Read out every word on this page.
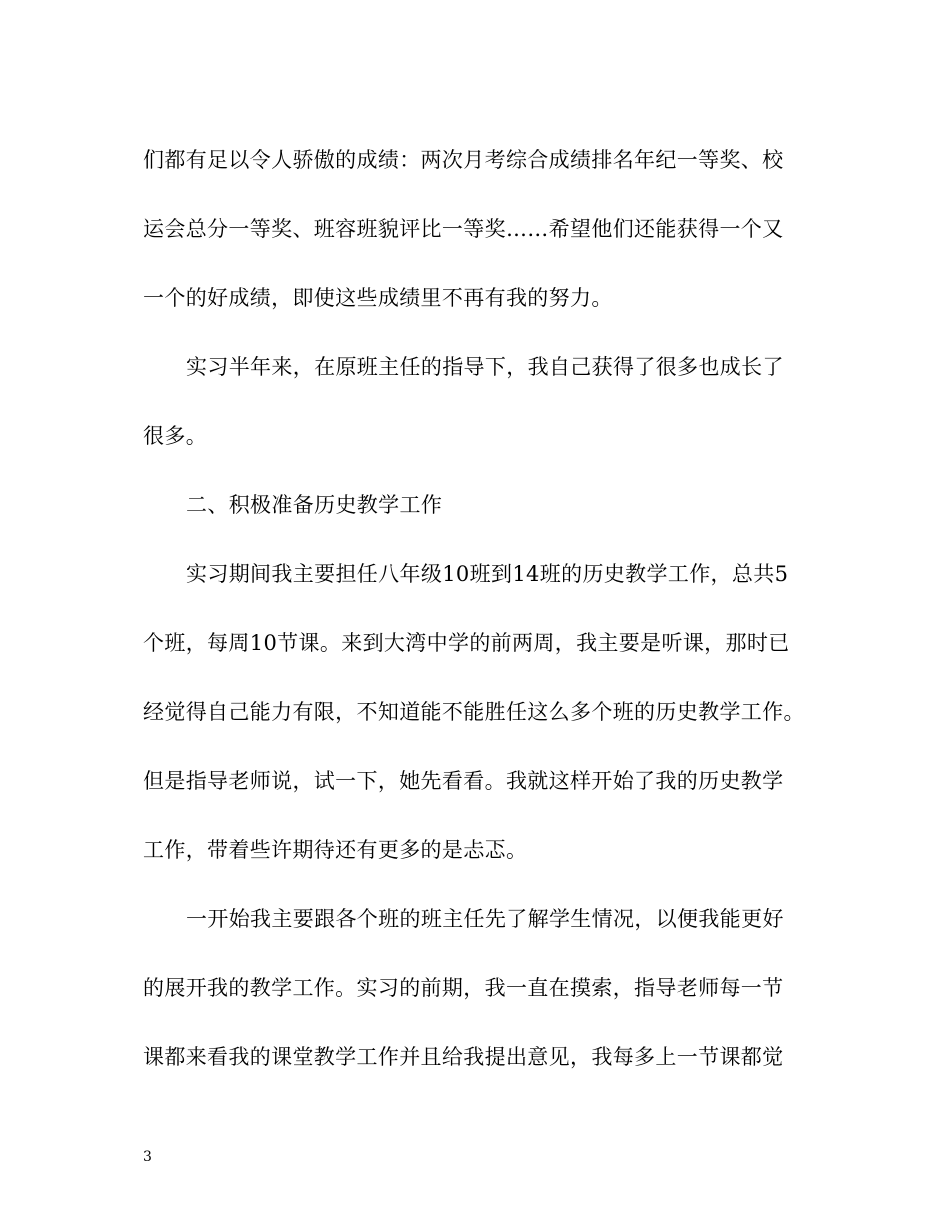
们都有足以令人骄傲的成绩：两次月考综合成绩排名年纪一等奖、校
运会总分一等奖、班容班貌评比一等奖……希望他们还能获得一个又
一个的好成绩，即使这些成绩里不再有我的努力。
实习半年来，在原班主任的指导下，我自己获得了很多也成长了
很多。
二、积极准备历史教学工作
实习期间我主要担任八年级10班到14班的历史教学工作，总共5
个班，每周10节课。来到大湾中学的前两周，我主要是听课，那时已
经觉得自己能力有限，不知道能不能胜任这么多个班的历史教学工作。
但是指导老师说，试一下，她先看看。我就这样开始了我的历史教学
工作，带着些许期待还有更多的是忐忑。
一开始我主要跟各个班的班主任先了解学生情况，以便我能更好
的展开我的教学工作。实习的前期，我一直在摸索，指导老师每一节
课都来看我的课堂教学工作并且给我提出意见，我每多上一节课都觉
3
